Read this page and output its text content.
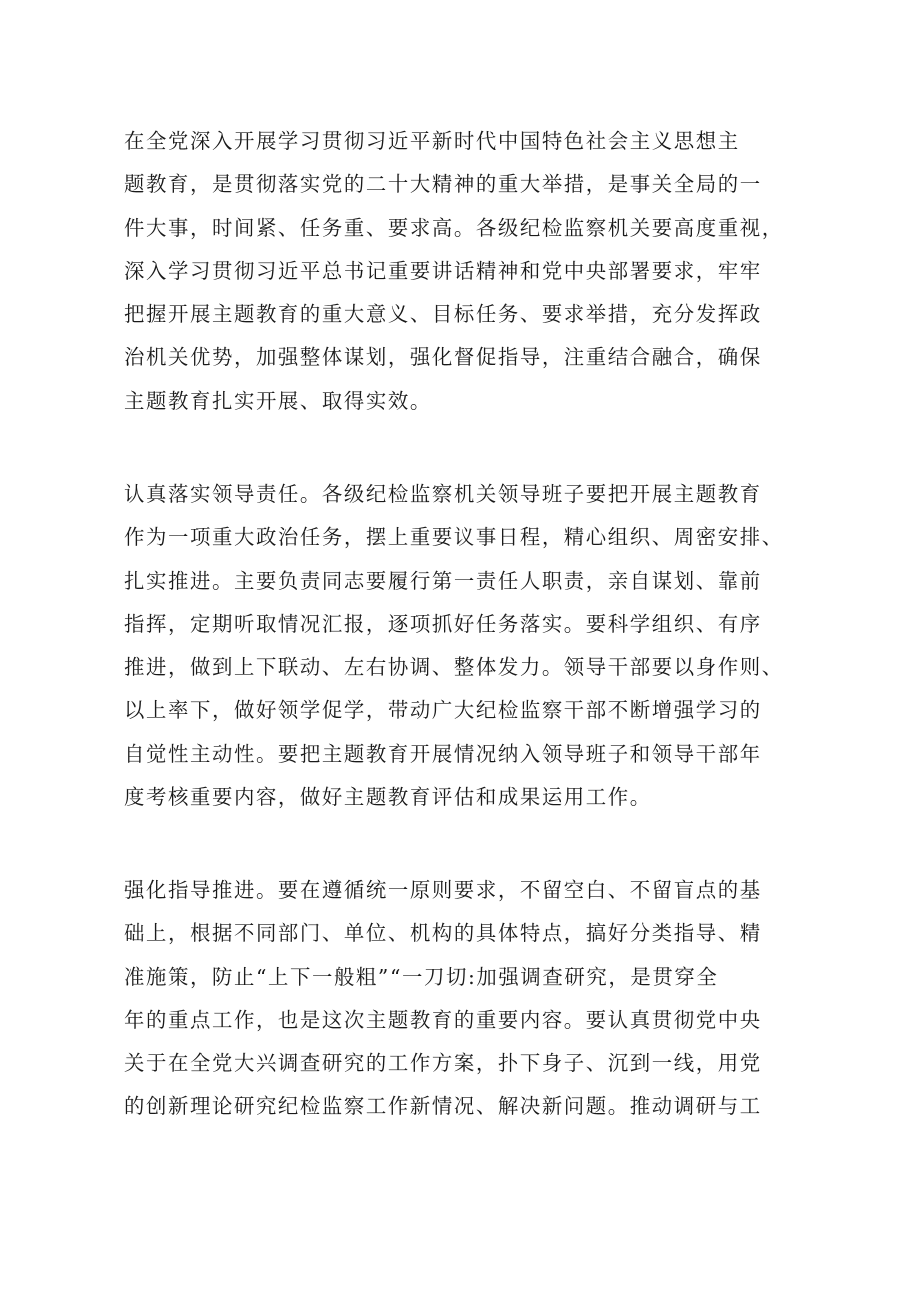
在全党深入开展学习贯彻习近平新时代中国特色社会主义思想主
题教育，是贯彻落实党的二十大精神的重大举措，是事关全局的一
件大事，时间紧、任务重、要求高。各级纪检监察机关要高度重视，
深入学习贯彻习近平总书记重要讲话精神和党中央部署要求，牢牢
把握开展主题教育的重大意义、目标任务、要求举措，充分发挥政
治机关优势，加强整体谋划，强化督促指导，注重结合融合，确保
主题教育扎实开展、取得实效。

认真落实领导责任。各级纪检监察机关领导班子要把开展主题教育
作为一项重大政治任务，摆上重要议事日程，精心组织、周密安排、
扎实推进。主要负责同志要履行第一责任人职责，亲自谋划、靠前
指挥，定期听取情况汇报，逐项抓好任务落实。要科学组织、有序
推进，做到上下联动、左右协调、整体发力。领导干部要以身作则、
以上率下，做好领学促学，带动广大纪检监察干部不断增强学习的
自觉性主动性。要把主题教育开展情况纳入领导班子和领导干部年
度考核重要内容，做好主题教育评估和成果运用工作。

强化指导推进。要在遵循统一原则要求，不留空白、不留盲点的基
础上，根据不同部门、单位、机构的具体特点，搞好分类指导、精
准施策，防止“上下一般粗”“一刀切:加强调查研究，是贯穿全
年的重点工作，也是这次主题教育的重要内容。要认真贯彻党中央
关于在全党大兴调查研究的工作方案，扑下身子、沉到一线，用党
的创新理论研究纪检监察工作新情况、解决新问题。推动调研与工
